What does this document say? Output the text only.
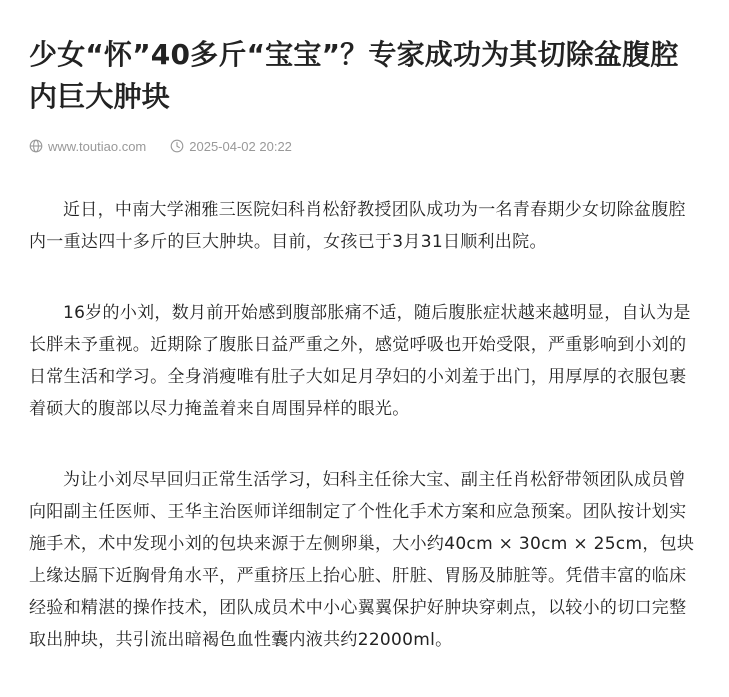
少女“怀”40多斤“宝宝”？专家成功为其切除盆腹腔内巨大肿块
www.toutiao.com	2025-04-02 20:22

近日，中南大学湘雅三医院妇科肖松舒教授团队成功为一名青春期少女切除盆腹腔内一重达四十多斤的巨大肿块。目前，女孩已于3月31日顺利出院。

16岁的小刘，数月前开始感到腹部胀痛不适，随后腹胀症状越来越明显，自认为是长胖未予重视。近期除了腹胀日益严重之外，感觉呼吸也开始受限，严重影响到小刘的日常生活和学习。全身消瘦唯有肚子大如足月孕妇的小刘羞于出门，用厚厚的衣服包裹着硕大的腹部以尽力掩盖着来自周围异样的眼光。

为让小刘尽早回归正常生活学习，妇科主任徐大宝、副主任肖松舒带领团队成员曾向阳副主任医师、王华主治医师详细制定了个性化手术方案和应急预案。团队按计划实施手术，术中发现小刘的包块来源于左侧卵巢，大小约40cm × 30cm × 25cm，包块上缘达膈下近胸骨角水平，严重挤压上抬心脏、肝脏、胃肠及肺脏等。凭借丰富的临床经验和精湛的操作技术，团队成员术中小心翼翼保护好肿块穿刺点，以较小的切口完整取出肿块，共引流出暗褐色血性囊内液共约22000ml。
